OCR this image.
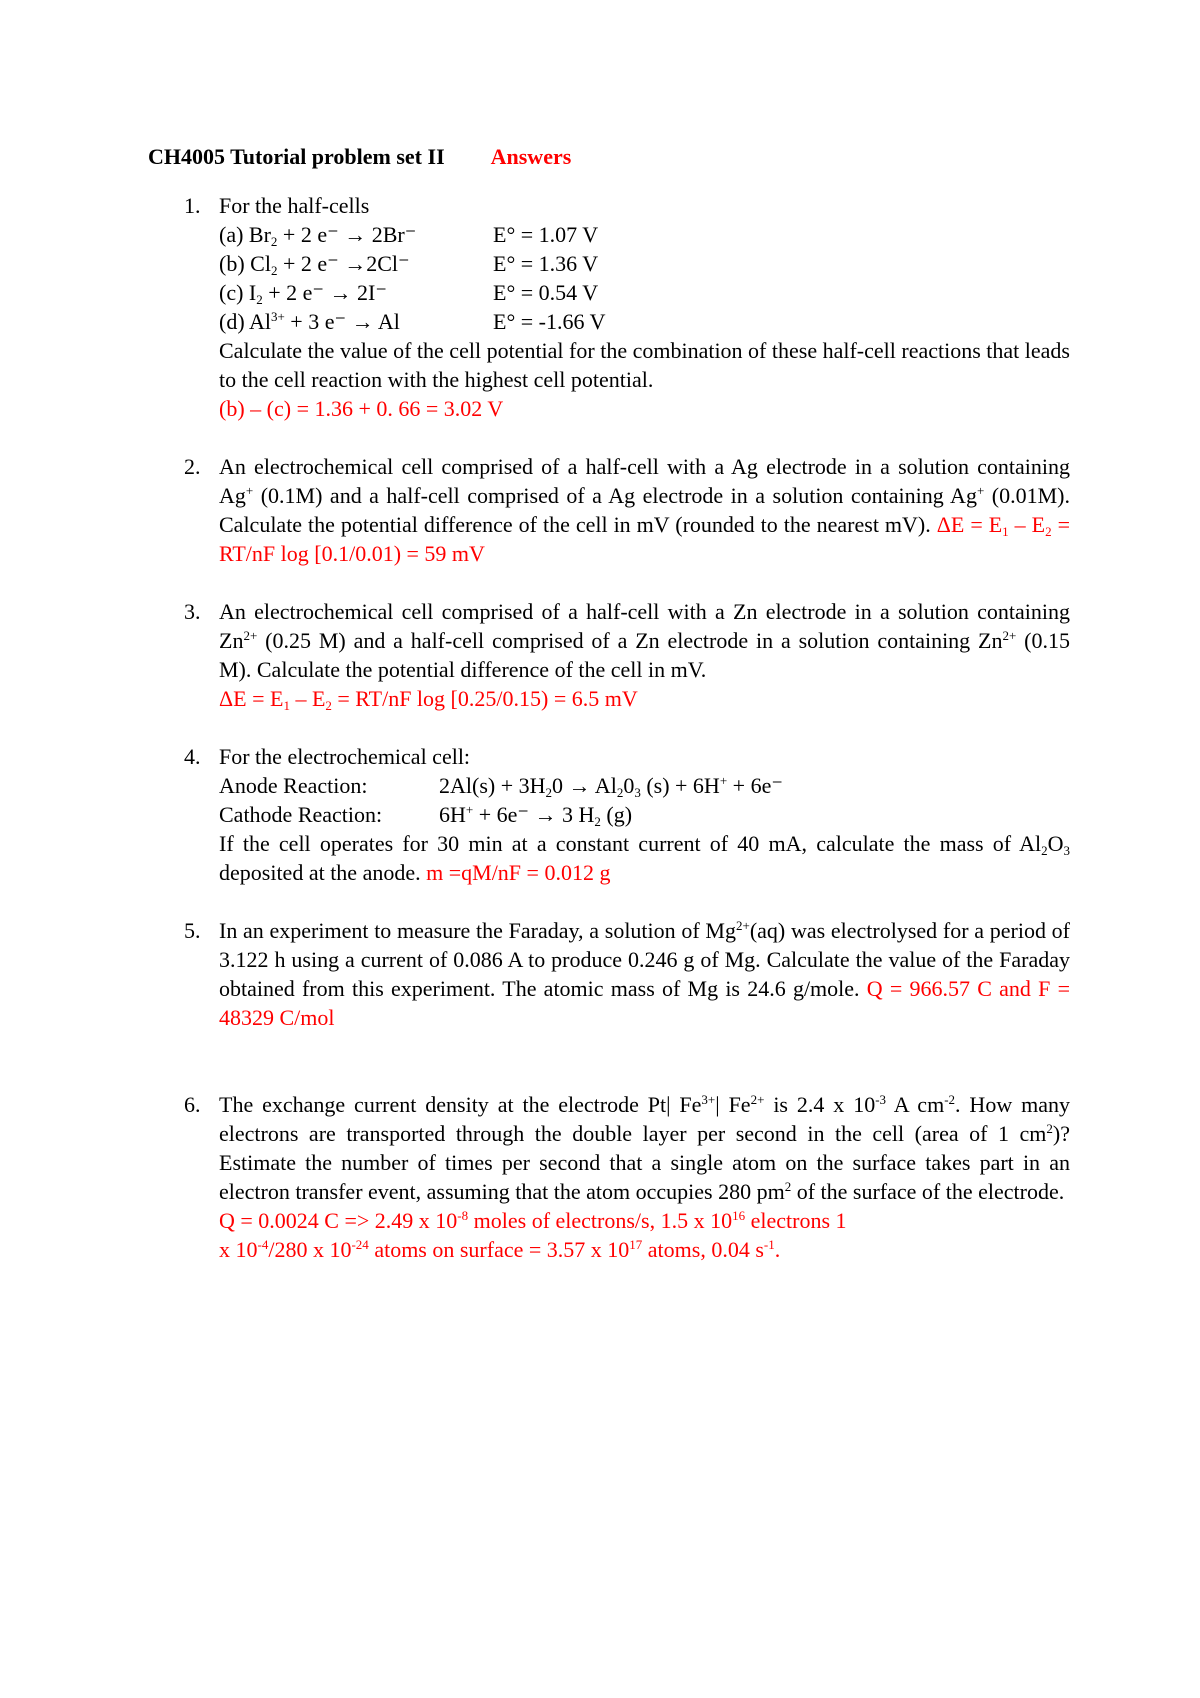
CH4005 Tutorial problem set II Answers
1. For the half-cells
(a) $Br_2 + 2$ e⁻ → 2Br⁻	E° = 1.07 V
(b) $Cl_2 + 2$ e⁻ →2Cl⁻	E° = 1.36 V
(c) $I_2 + 2$ e⁻ → 2I⁻	E° = 0.54 V
(d) $Al^{3+} + 3$ e⁻ → Al	E° = -1.66 V
Calculate the value of the cell potential for the combination of these half-cell reactions that leads to the cell reaction with the highest cell potential.
(b) – (c) = 1.36 + 0. 66 = 3.02 V
2. An electrochemical cell comprised of a half-cell with a Ag electrode in a solution containing Ag+ (0.1M) and a half-cell comprised of a Ag electrode in a solution containing Ag+ (0.01M). Calculate the potential difference of the cell in mV (rounded to the nearest mV). $\Delta E = E_1 - E_2 = RT/nF$ log [0.1/0.01) = 59 mV
3. An electrochemical cell comprised of a half-cell with a Zn electrode in a solution containing $Zn^{2+}$ (0.25 M) and a half-cell comprised of a Zn electrode in a solution containing $Zn^{2+}$ (0.15 M). Calculate the potential difference of the cell in mV.
$\Delta E = E_1 - E_2 = RT/nF$ log [0.25/0.15) = 6.5 mV
4. For the electrochemical cell:
Anode Reaction:	$2Al(s) + 3H_20 \to Al_20_3$ (s) + 6H+ + 6e⁻
Cathode Reaction:	6H+ + 6e⁻ → 3 $H_2$ (g)
If the cell operates for 30 min at a constant current of 40 mA, calculate the mass of $Al_2O_3$ deposited at the anode. m =qM/nF = 0.012 g
5. In an experiment to measure the Faraday, a solution of $Mg^{2+}(aq)$ was electrolysed for a period of 3.122 h using a current of 0.086 A to produce 0.246 g of Mg. Calculate the value of the Faraday obtained from this experiment. The atomic mass of Mg is 24.6 g/mole. Q = 966.57 C and F = 48329 C/mol
6. The exchange current density at the electrode Pt| $Fe^{3+}|$ $Fe^{2+}$ is 2.4 x $10^{-3}$ A $cm^{-2}$. How many electrons are transported through the double layer per second in the cell (area of 1 $cm^2$)? Estimate the number of times per second that a single atom on the surface takes part in an electron transfer event, assuming that the atom occupies 280 $pm^2$ of the surface of the electrode.
Q = 0.0024 C => 2.49 x $10^{-8}$ moles of electrons/s, 1.5 x $10^{16}$ electrons 1
x $10^{-4}/280$ x $10^{-24}$ atoms on surface = 3.57 x $10^{17}$ atoms, 0.04 $s^{-1}$.
